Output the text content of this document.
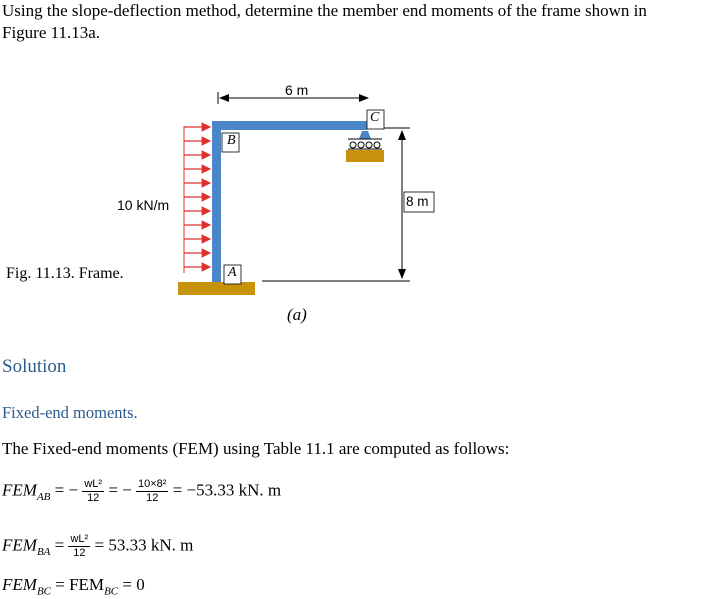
Using the slope-deflection method, determine the member end moments of the frame shown in
Figure 11.13a.
6 m
B
A
C
8 m
10 kN/m
Fig. 11.13. Frame.
(a)
Solution
Fixed-end moments.
The Fixed-end moments (FEM) using Table 11.1 are computed as follows:
$FEM_{AB}$ = − $\frac{\text{wL²}}{12}$ = − $\frac{\text{10×8²}}{12} = -53.33$ kN. m
$FEM_{BA} = \frac{\text{wL²}}{12} = 53.33$ kN. m
$FEM_{BC} = FEM_{BC} = 0$
